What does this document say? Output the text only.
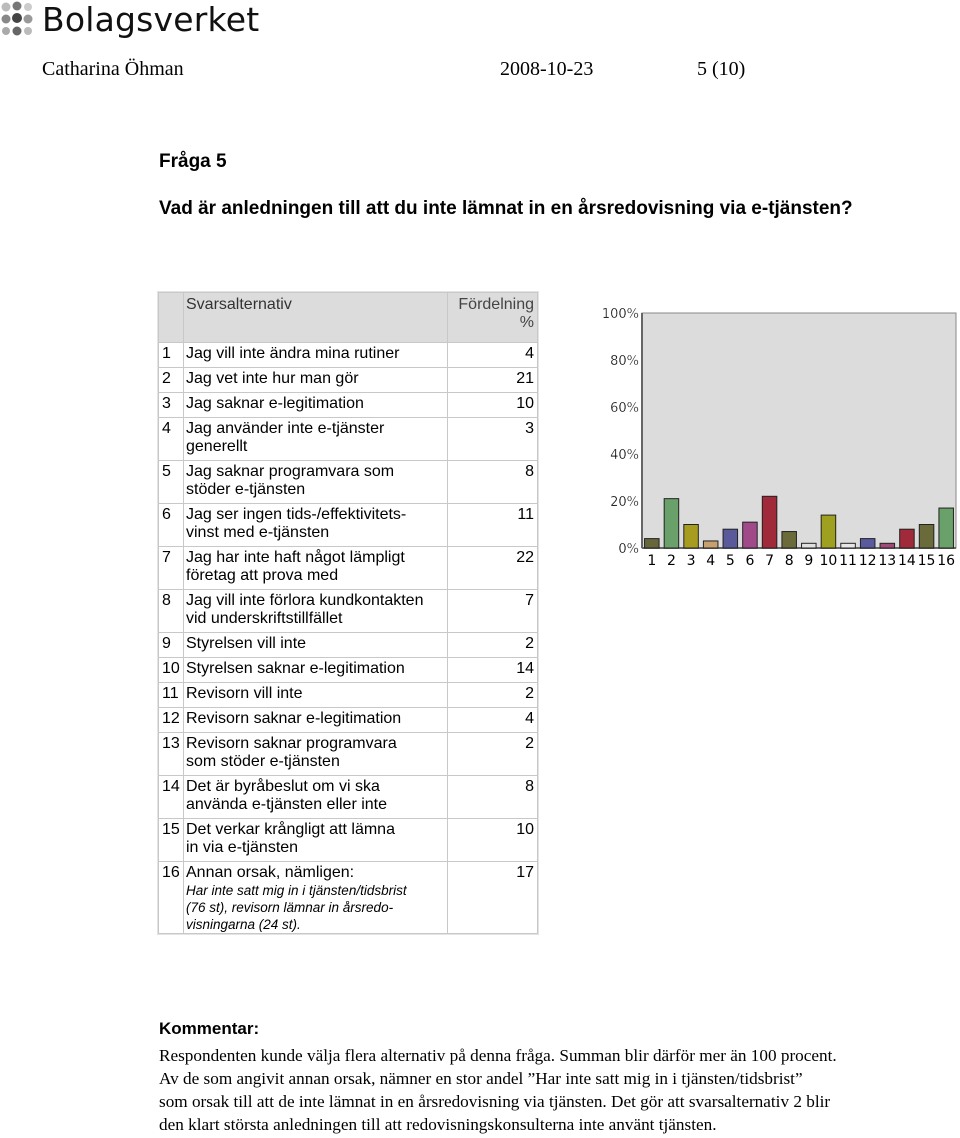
Bolagsverket
Catharina Öhman	2008-10-23	5 (10)
Fråga 5
Vad är anledningen till att du inte lämnat in en årsredovisning via e-tjänsten?
	Svarsalternativ	Fördelning
%
1	Jag vill inte ändra mina rutiner	4
2	Jag vet inte hur man gör	21
3	Jag saknar e-legitimation	10
4	Jag använder inte e-tjänster
generellt	3
5	Jag saknar programvara som
stöder e-tjänsten	8
6	Jag ser ingen tids-/effektivitets-
vinst med e-tjänsten	11
7	Jag har inte haft något lämpligt
företag att prova med	22
8	Jag vill inte förlora kundkontakten
vid underskriftstillfället	7
9	Styrelsen vill inte	2
10	Styrelsen saknar e-legitimation	14
11	Revisorn vill inte	2
12	Revisorn saknar e-legitimation	4
13	Revisorn saknar programvara
som stöder e-tjänsten	2
14	Det är byråbeslut om vi ska
använda e-tjänsten eller inte	8
15	Det verkar krångligt att lämna
in via e-tjänsten	10
16	Annan orsak, nämligen:
Har inte satt mig in i tjänsten/tidsbrist
(76 st), revisorn lämnar in årsredo-
visningarna (24 st).	17
0%
20%
40%
60%
80%
100%
1 2 3 4 5 6 7 8 9 10 11 12 13 14 15 16
Kommentar:
Respondenten kunde välja flera alternativ på denna fråga. Summan blir därför mer än 100 procent.
Av de som angivit annan orsak, nämner en stor andel ”Har inte satt mig in i tjänsten/tidsbrist”
som orsak till att de inte lämnat in en årsredovisning via tjänsten. Det gör att svarsalternativ 2 blir
den klart största anledningen till att redovisningskonsulterna inte använt tjänsten.
